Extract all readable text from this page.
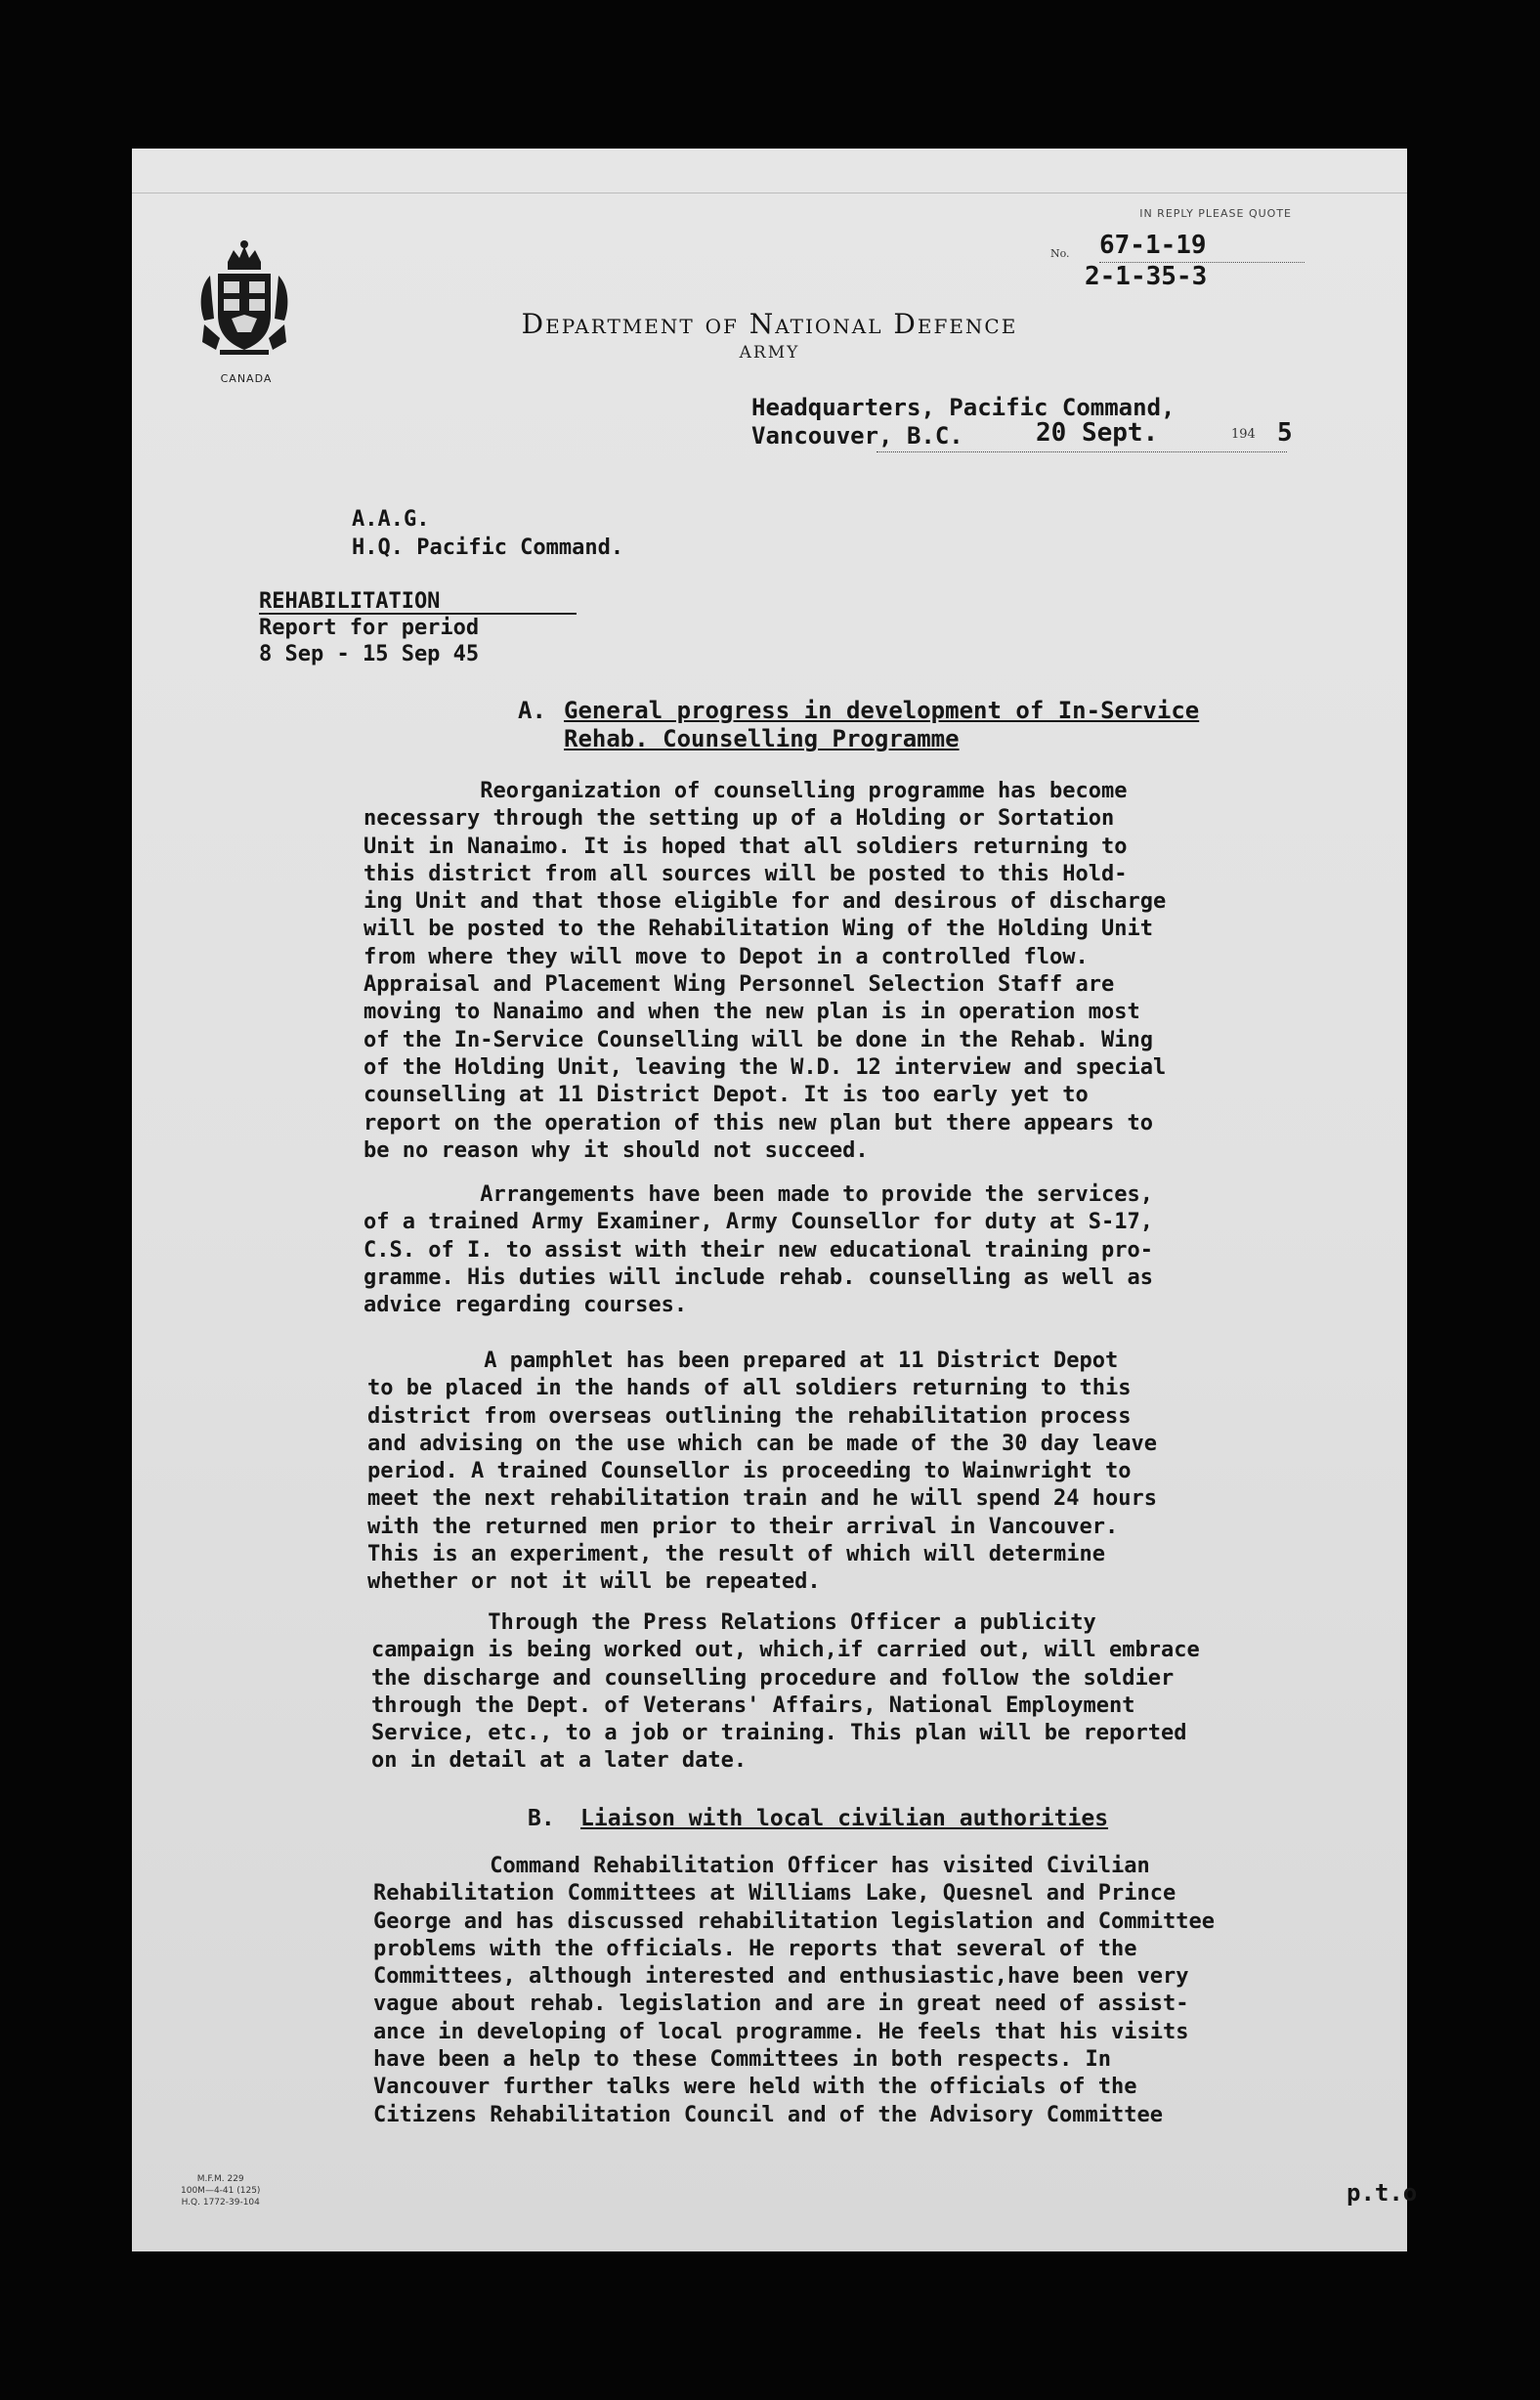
CANADA
IN REPLY PLEASE QUOTE
No. 67-1-19
2-1-35-3
Department of National Defence
ARMY
Headquarters, Pacific Command,
Vancouver, B.C.	20 Sept.	194 5
A.A.G.
H.Q. Pacific Command.
REHABILITATION
Report for period
8 Sep - 15 Sep 45
A. General progress in development of In-Service
Rehab. Counselling Programme
Reorganization of counselling programme has become
necessary through the setting up of a Holding or Sortation
Unit in Nanaimo. It is hoped that all soldiers returning to
this district from all sources will be posted to this Hold-
ing Unit and that those eligible for and desirous of discharge
will be posted to the Rehabilitation Wing of the Holding Unit
from where they will move to Depot in a controlled flow.
Appraisal and Placement Wing Personnel Selection Staff are
moving to Nanaimo and when the new plan is in operation most
of the In-Service Counselling will be done in the Rehab. Wing
of the Holding Unit, leaving the W.D. 12 interview and special
counselling at 11 District Depot. It is too early yet to
report on the operation of this new plan but there appears to
be no reason why it should not succeed.
Arrangements have been made to provide the services,
of a trained Army Examiner, Army Counsellor for duty at S-17,
C.S. of I. to assist with their new educational training pro-
gramme. His duties will include rehab. counselling as well as
advice regarding courses.
A pamphlet has been prepared at 11 District Depot
to be placed in the hands of all soldiers returning to this
district from overseas outlining the rehabilitation process
and advising on the use which can be made of the 30 day leave
period. A trained Counsellor is proceeding to Wainwright to
meet the next rehabilitation train and he will spend 24 hours
with the returned men prior to their arrival in Vancouver.
This is an experiment, the result of which will determine
whether or not it will be repeated.
Through the Press Relations Officer a publicity
campaign is being worked out, which,if carried out, will embrace
the discharge and counselling procedure and follow the soldier
through the Dept. of Veterans' Affairs, National Employment
Service, etc., to a job or training. This plan will be reported
on in detail at a later date.
B. Liaison with local civilian authorities
Command Rehabilitation Officer has visited Civilian
Rehabilitation Committees at Williams Lake, Quesnel and Prince
George and has discussed rehabilitation legislation and Committee
problems with the officials. He reports that several of the
Committees, although interested and enthusiastic,have been very
vague about rehab. legislation and are in great need of assist-
ance in developing of local programme. He feels that his visits
have been a help to these Committees in both respects. In
Vancouver further talks were held with the officials of the
Citizens Rehabilitation Council and of the Advisory Committee
M.F.M. 229
100M—4-41 (125)
H.Q. 1772-39-104	p.t.o
